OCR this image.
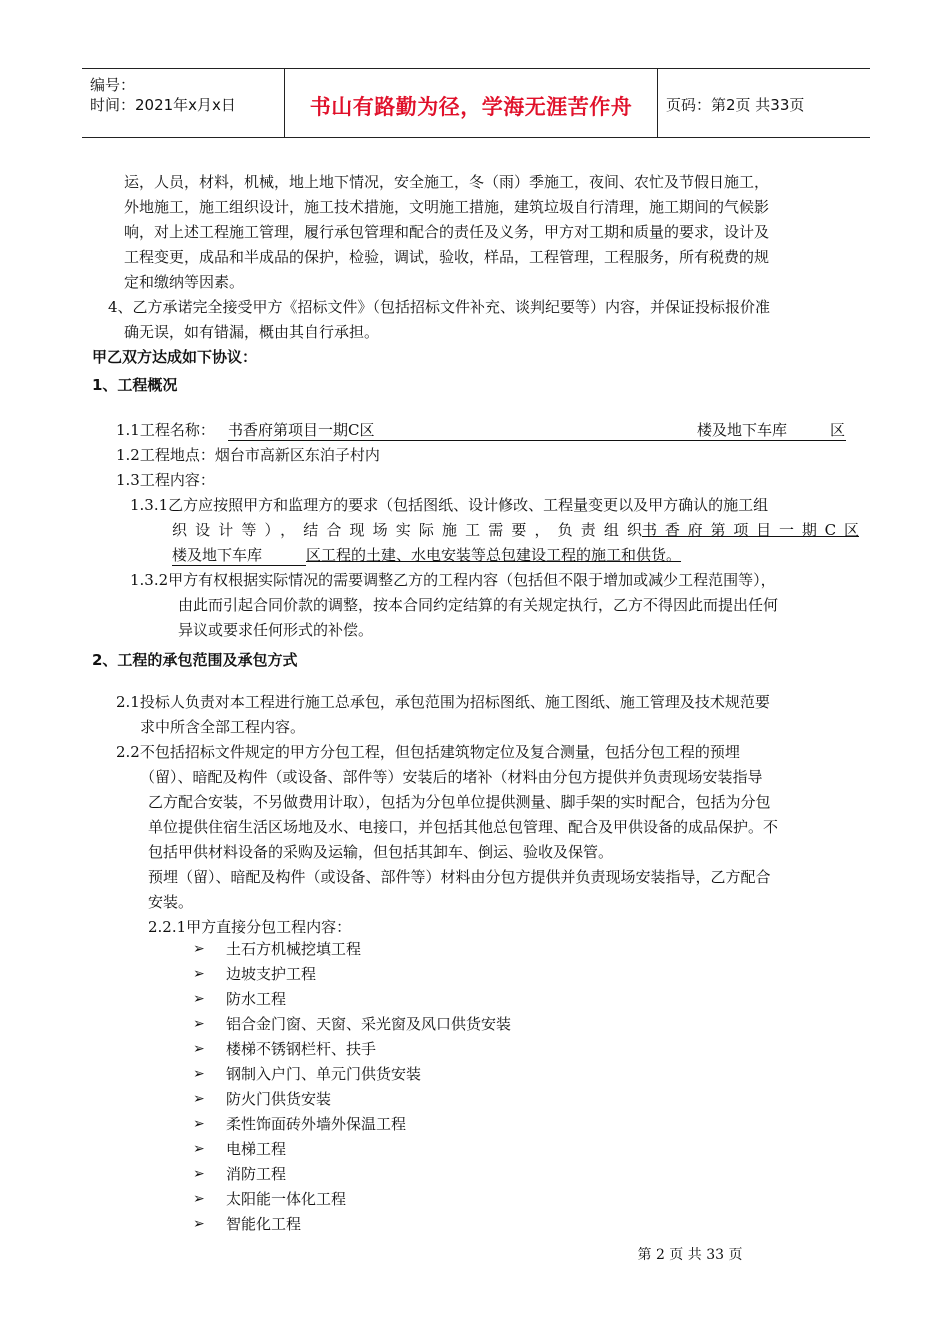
编号：
时间：2021年x月x日	书山有路勤为径，学海无涯苦作舟	页码：第2页 共33页
运，人员，材料，机械，地上地下情况，安全施工，冬（雨）季施工，夜间、农忙及节假日施工，
外地施工，施工组织设计，施工技术措施，文明施工措施，建筑垃圾自行清理，施工期间的气候影
响，对上述工程施工管理，履行承包管理和配合的责任及义务，甲方对工期和质量的要求，设计及
工程变更，成品和半成品的保护，检验，调试，验收，样品，工程管理，工程服务，所有税费的规
定和缴纳等因素。
4、乙方承诺完全接受甲方《招标文件》（包括招标文件补充、谈判纪要等）内容，并保证投标报价准
确无误，如有错漏，概由其自行承担。
甲乙双方达成如下协议：
1、工程概况
1.1工程名称： 书香府第项目一期C区	楼及地下车库	区
1.2工程地点：烟台市高新区东泊子村内
1.3工程内容：
1.3.1乙方应按照甲方和监理方的要求（包括图纸、设计修改、工程量变更以及甲方确认的施工组
织设计等），结合现场实际施工需要，负责组织 书香府第项目一期C区
楼及地下车库	区工程的土建、水电安装等总包建设工程的施工和供货。
1.3.2甲方有权根据实际情况的需要调整乙方的工程内容（包括但不限于增加或减少工程范围等），
由此而引起合同价款的调整，按本合同约定结算的有关规定执行，乙方不得因此而提出任何
异议或要求任何形式的补偿。
2、工程的承包范围及承包方式
2.1投标人负责对本工程进行施工总承包，承包范围为招标图纸、施工图纸、施工管理及技术规范要
求中所含全部工程内容。
2.2不包括招标文件规定的甲方分包工程，但包括建筑物定位及复合测量，包括分包工程的预埋
（留）、暗配及构件（或设备、部件等）安装后的堵补（材料由分包方提供并负责现场安装指导
乙方配合安装，不另做费用计取），包括为分包单位提供测量、脚手架的实时配合，包括为分包
单位提供住宿生活区场地及水、电接口，并包括其他总包管理、配合及甲供设备的成品保护。不
包括甲供材料设备的采购及运输，但包括其卸车、倒运、验收及保管。
预埋（留）、暗配及构件（或设备、部件等）材料由分包方提供并负责现场安装指导，乙方配合
安装。
2.2.1甲方直接分包工程内容：
➢ 土石方机械挖填工程
➢ 边坡支护工程
➢ 防水工程
➢ 铝合金门窗、天窗、采光窗及风口供货安装
➢ 楼梯不锈钢栏杆、扶手
➢ 钢制入户门、单元门供货安装
➢ 防火门供货安装
➢ 柔性饰面砖外墙外保温工程
➢ 电梯工程
➢ 消防工程
➢ 太阳能一体化工程
➢ 智能化工程
第 2 页 共 33 页
